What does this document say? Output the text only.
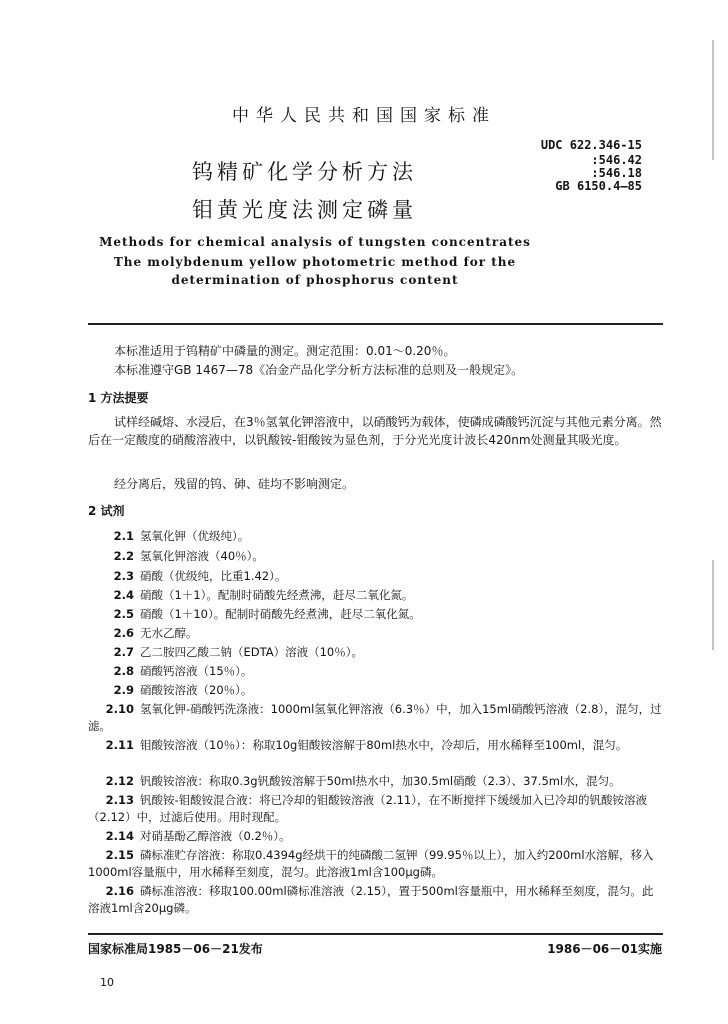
中华人民共和国国家标准
UDC 622.346-15
:546.42
:546.18
GB 6150.4—85
钨精矿化学分析方法
钼黄光度法测定磷量
Methods for chemical analysis of tungsten concentrates
The molybdenum yellow photometric method for the
determination of phosphorus content
本标准适用于钨精矿中磷量的测定。测定范围：0.01～0.20％。
本标准遵守GB 1467—78《冶金产品化学分析方法标准的总则及一般规定》。
1 方法提要
试样经碱熔、水浸后，在3％氢氧化钾溶液中，以硝酸钙为载体，使磷成磷酸钙沉淀与其他元素分离。然后在一定酸度的硝酸溶液中，以钒酸铵-钼酸铵为显色剂，于分光光度计波长420nm处测量其吸光度。
经分离后，残留的钨、砷、硅均不影响测定。
2 试剂
2.1 氢氧化钾（优级纯）。
2.2 氢氧化钾溶液（40％）。
2.3 硝酸（优级纯，比重1.42）。
2.4 硝酸（1＋1）。配制时硝酸先经煮沸，赶尽二氧化氮。
2.5 硝酸（1＋10）。配制时硝酸先经煮沸，赶尽二氧化氮。
2.6 无水乙醇。
2.7 乙二胺四乙酸二钠（EDTA）溶液（10％）。
2.8 硝酸钙溶液（15％）。
2.9 硝酸铵溶液（20％）。
2.10 氢氧化钾-硝酸钙洗涤液：1000ml氢氧化钾溶液（6.3％）中，加入15ml硝酸钙溶液（2.8），混匀，过滤。
2.11 钼酸铵溶液（10％）：称取10g钼酸铵溶解于80ml热水中，冷却后，用水稀释至100ml，混匀。
2.12 钒酸铵溶液：称取0.3g钒酸铵溶解于50ml热水中，加30.5ml硝酸（2.3）、37.5ml水，混匀。
2.13 钒酸铵-钼酸铵混合液：将已冷却的钼酸铵溶液（2.11），在不断搅拌下缓缓加入已冷却的钒酸铵溶液（2.12）中，过滤后使用。用时现配。
2.14 对硝基酚乙醇溶液（0.2％）。
2.15 磷标准贮存溶液：称取0.4394g经烘干的纯磷酸二氢钾（99.95％以上），加入约200ml水溶解，移入1000ml容量瓶中，用水稀释至刻度，混匀。此溶液1ml含100μg磷。
2.16 磷标准溶液：移取100.00ml磷标准溶液（2.15），置于500ml容量瓶中，用水稀释至刻度，混匀。此溶液1ml含20μg磷。
国家标准局1985－06－21发布	1986－06－01实施
10
